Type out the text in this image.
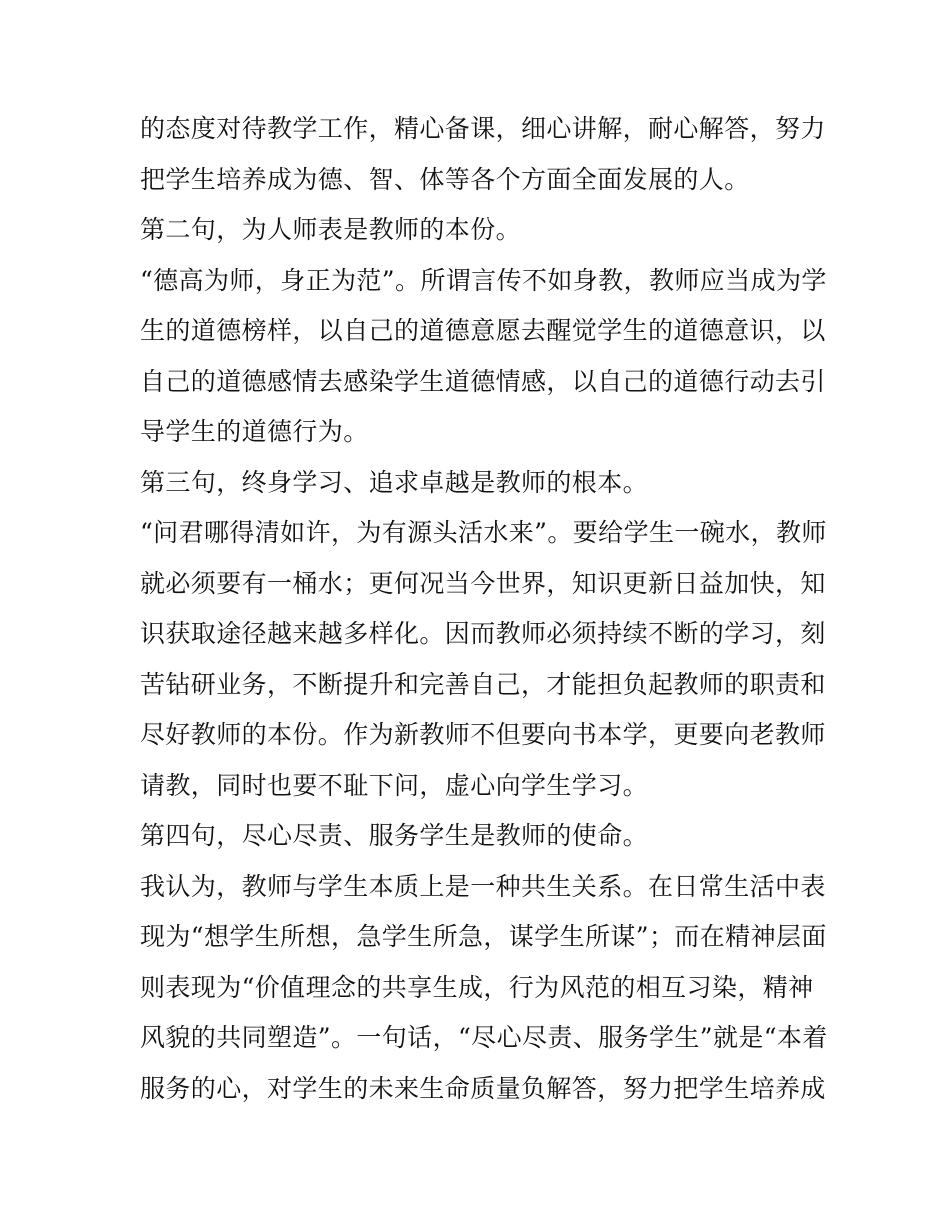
的态度对待教学工作，精心备课，细心讲解，耐心解答，努力
把学生培养成为德、智、体等各个方面全面发展的人。
第二句，为人师表是教师的本份。
“德高为师，身正为范”。所谓言传不如身教，教师应当成为学
生的道德榜样，以自己的道德意愿去醒觉学生的道德意识，以
自己的道德感情去感染学生道德情感，以自己的道德行动去引
导学生的道德行为。
第三句，终身学习、追求卓越是教师的根本。
“问君哪得清如许，为有源头活水来”。要给学生一碗水，教师
就必须要有一桶水；更何况当今世界，知识更新日益加快，知
识获取途径越来越多样化。因而教师必须持续不断的学习，刻
苦钻研业务，不断提升和完善自己，才能担负起教师的职责和
尽好教师的本份。作为新教师不但要向书本学，更要向老教师
请教，同时也要不耻下问，虚心向学生学习。
第四句，尽心尽责、服务学生是教师的使命。
我认为，教师与学生本质上是一种共生关系。在日常生活中表
现为“想学生所想，急学生所急，谋学生所谋”；而在精神层面
则表现为“价值理念的共享生成，行为风范的相互习染，精神
风貌的共同塑造”。一句话，“尽心尽责、服务学生”就是“本着
服务的心，对学生的未来生命质量负解答，努力把学生培养成
